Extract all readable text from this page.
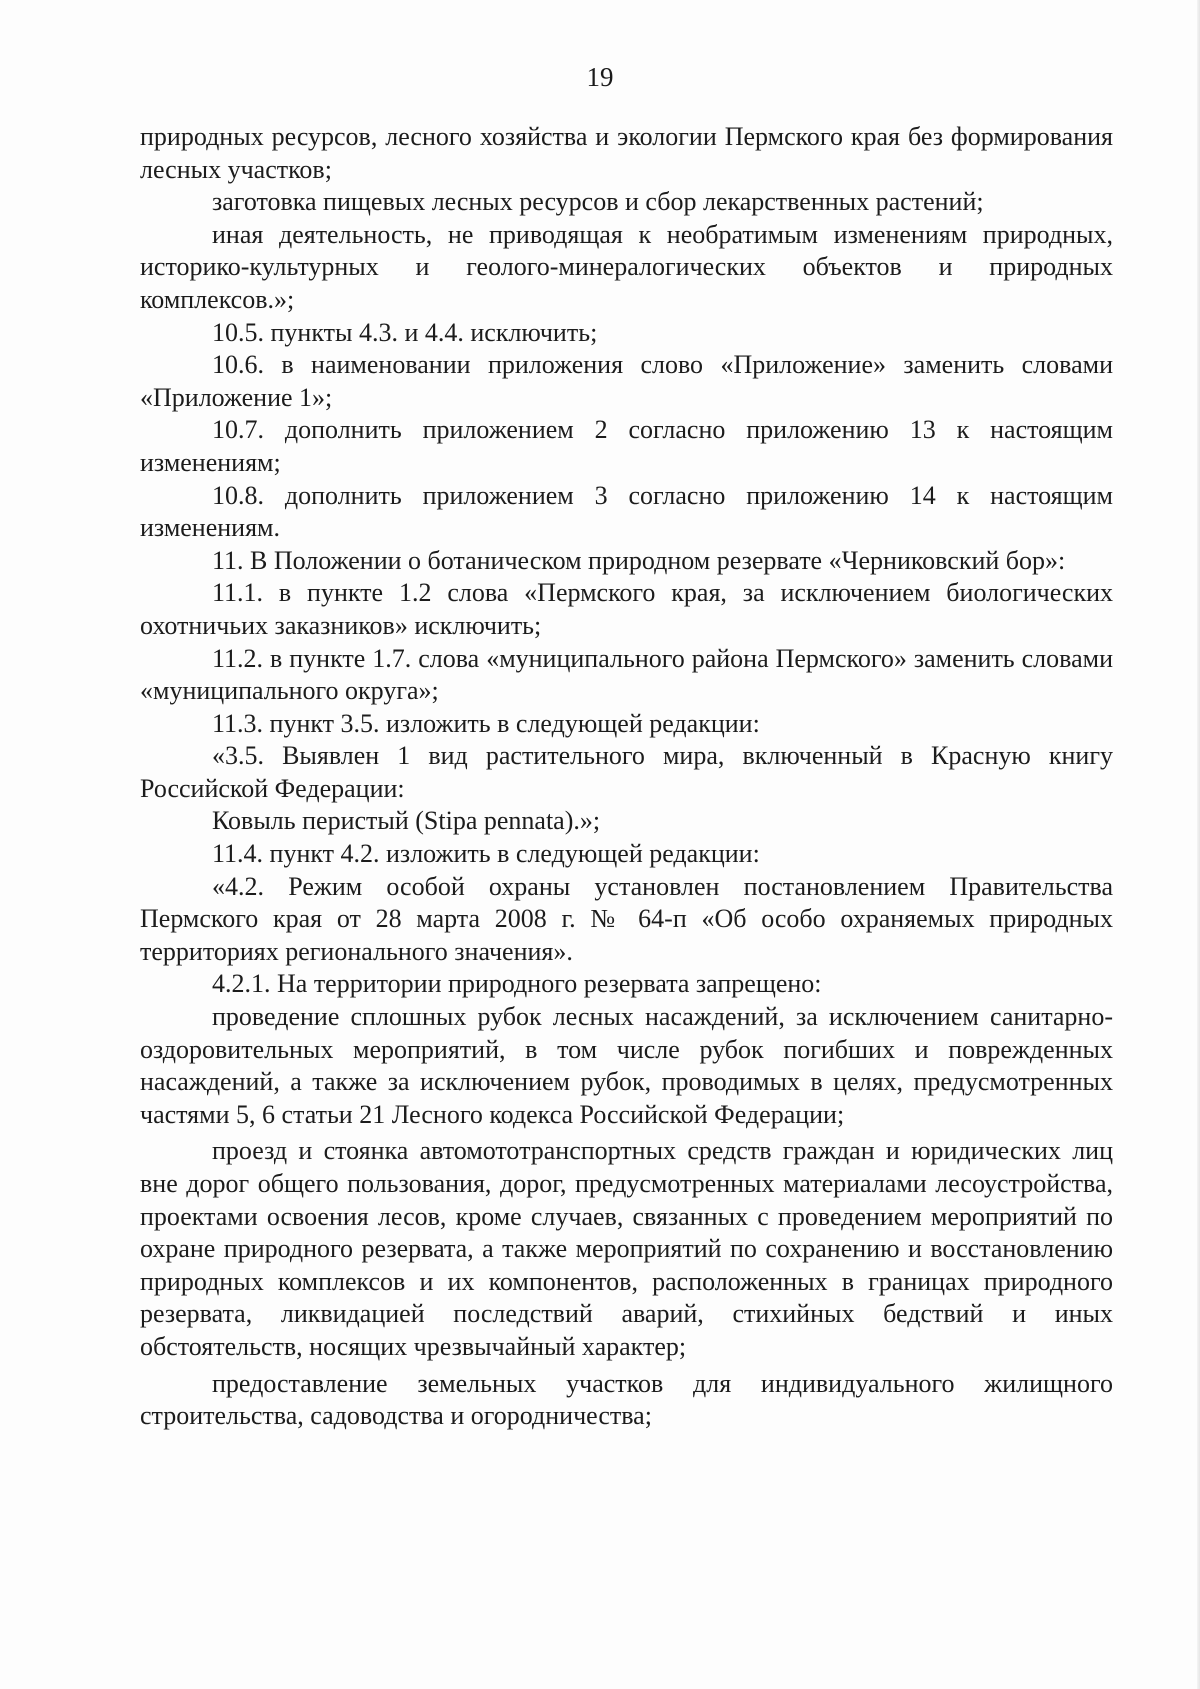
19

природных ресурсов, лесного хозяйства и экологии Пермского края без формирования лесных участков;

заготовка пищевых лесных ресурсов и сбор лекарственных растений;

иная деятельность, не приводящая к необратимым изменениям природных, историко-культурных и геолого-минералогических объектов и природных комплексов.»;

10.5. пункты 4.3. и 4.4. исключить;

10.6. в наименовании приложения слово «Приложение» заменить словами «Приложение 1»;

10.7. дополнить приложением 2 согласно приложению 13 к настоящим изменениям;

10.8. дополнить приложением 3 согласно приложению 14 к настоящим изменениям.

11. В Положении о ботаническом природном резервате «Черниковский бор»:

11.1. в пункте 1.2 слова «Пермского края, за исключением биологических охотничьих заказников» исключить;

11.2. в пункте 1.7. слова «муниципального района Пермского» заменить словами «муниципального округа»;

11.3. пункт 3.5. изложить в следующей редакции:

«3.5. Выявлен 1 вид растительного мира, включенный в Красную книгу Российской Федерации:

Ковыль перистый (Stipa pennata).»;

11.4. пункт 4.2. изложить в следующей редакции:

«4.2. Режим особой охраны установлен постановлением Правительства Пермского края от 28 марта 2008 г. № 64-п «Об особо охраняемых природных территориях регионального значения».

4.2.1. На территории природного резервата запрещено:

проведение сплошных рубок лесных насаждений, за исключением санитарно-оздоровительных мероприятий, в том числе рубок погибших и поврежденных насаждений, а также за исключением рубок, проводимых в целях, предусмотренных частями 5, 6 статьи 21 Лесного кодекса Российской Федерации;

проезд и стоянка автомототранспортных средств граждан и юридических лиц вне дорог общего пользования, дорог, предусмотренных материалами лесоустройства, проектами освоения лесов, кроме случаев, связанных с проведением мероприятий по охране природного резервата, а также мероприятий по сохранению и восстановлению природных комплексов и их компонентов, расположенных в границах природного резервата, ликвидацией последствий аварий, стихийных бедствий и иных обстоятельств, носящих чрезвычайный характер;

предоставление земельных участков для индивидуального жилищного строительства, садоводства и огородничества;
